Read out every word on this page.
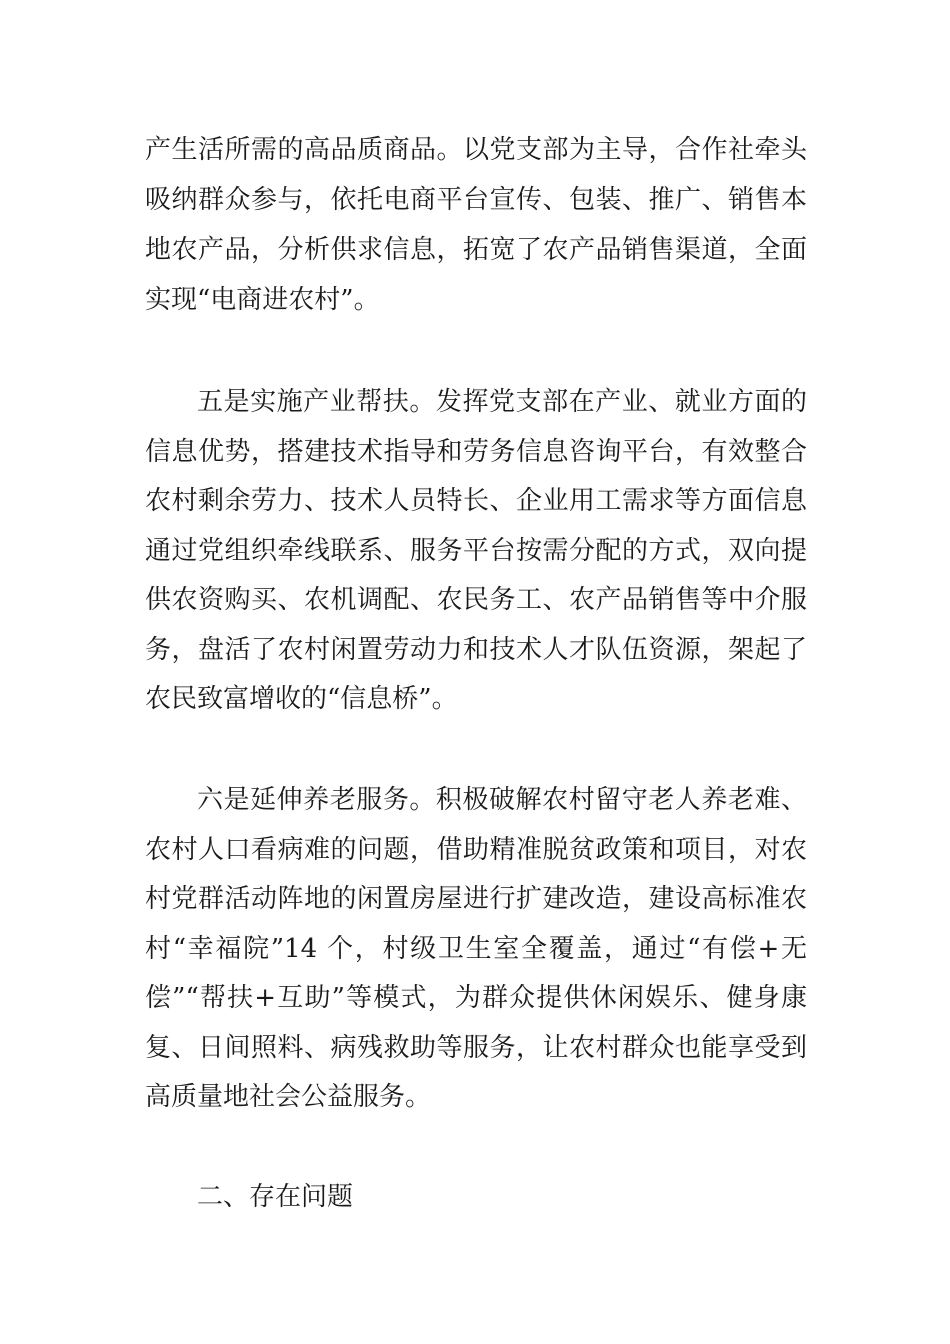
产生活所需的高品质商品。以党支部为主导，合作社牵头
吸纳群众参与，依托电商平台宣传、包装、推广、销售本
地农产品，分析供求信息，拓宽了农产品销售渠道，全面
实现“电商进农村”。
五是实施产业帮扶。发挥党支部在产业、就业方面的
信息优势，搭建技术指导和劳务信息咨询平台，有效整合
农村剩余劳力、技术人员特长、企业用工需求等方面信息
通过党组织牵线联系、服务平台按需分配的方式，双向提
供农资购买、农机调配、农民务工、农产品销售等中介服
务，盘活了农村闲置劳动力和技术人才队伍资源，架起了
农民致富增收的“信息桥”。
六是延伸养老服务。积极破解农村留守老人养老难、
农村人口看病难的问题，借助精准脱贫政策和项目，对农
村党群活动阵地的闲置房屋进行扩建改造，建设高标准农
村“幸福院”14 个，村级卫生室全覆盖，通过“有偿+无
偿”“帮扶+互助”等模式，为群众提供休闲娱乐、健身康
复、日间照料、病残救助等服务，让农村群众也能享受到
高质量地社会公益服务。
二、存在问题
